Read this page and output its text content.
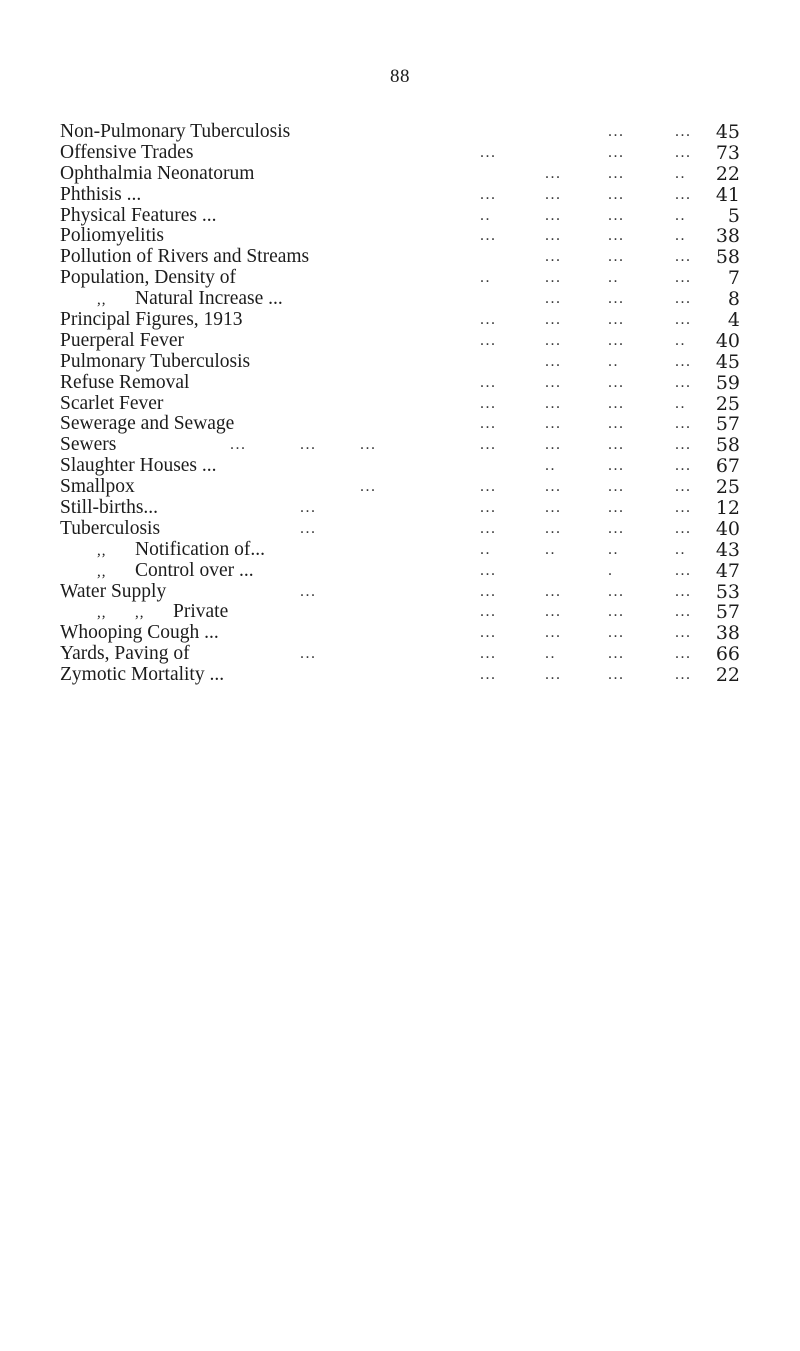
88
Non-Pulmonary Tuberculosis	...	...	45
Offensive Trades	...	...	...	73
Ophthalmia Neonatorum	...	...	..	22
Phthisis ...	...	...	...	...	41
Physical Features ...	..	...	...	..	5
Poliomyelitis	...	...	...	..	38
Pollution of Rivers and Streams	...	...	...	58
Population, Density of	..	...	..	...	7
,, Natural Increase ...	...	...	...	8
Principal Figures, 1913	...	...	...	...	4
Puerperal Fever	...	...	...	..	40
Pulmonary Tuberculosis	...	..	...	45
Refuse Removal	...	...	...	...	59
Scarlet Fever	...	...	...	..	25
Sewerage and Sewage	...	...	...	...	57
Sewers	...	...	...	...	...	...	...	58
Slaughter Houses ...	..	...	...	67
Smallpox	...	...	...	...	...	25
Still-births...	...	...	...	...	...	12
Tuberculosis	...	...	...	...	...	40
,, Notification of...	..	..	..	..	43
,, Control over ...	...	.	...	47
Water Supply	...	...	...	...	...	53
,, ,, Private	...	...	...	...	57
Whooping Cough ...	...	...	...	...	38
Yards, Paving of	...	...	..	...	...	66
Zymotic Mortality ...	...	...	...	...	22
